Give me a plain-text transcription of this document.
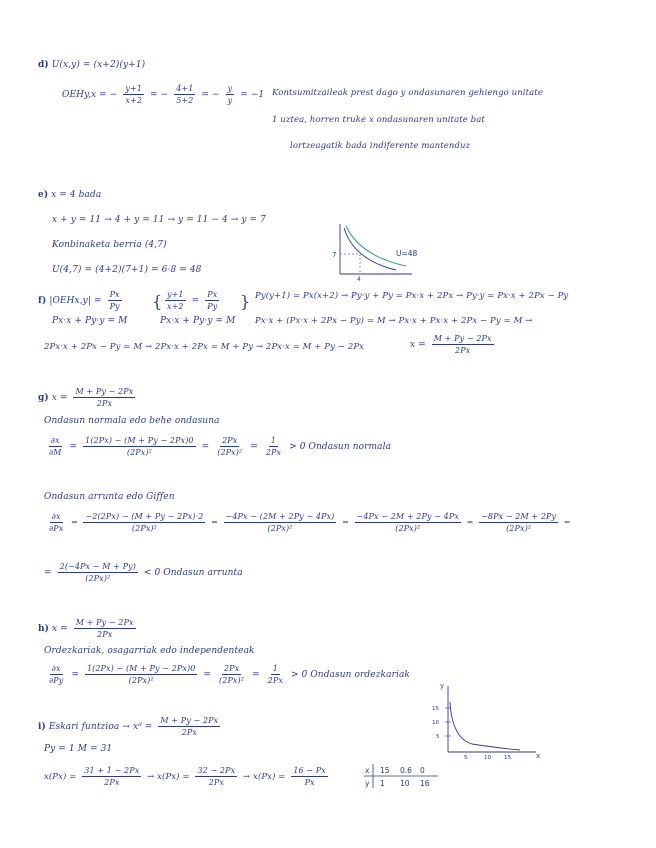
d) U(x,y) = (x+2)(y+1)
OEHy,x = − $\frac{y+1}{x+2}$ = − $\frac{4+1}{5+2}$ = − $\frac{y}{y} = -1$ Kontsumitzaileak prest dago y ondasunaren gehiengo unitate
1 uztea, horren truke x ondasunaren unitate bat
lortzeagatik bada indiferente mantenduz
e) x = 4 bada
x + y = 11 → 4 + y = 11 → y = 11 − 4 → y = 7
Konbinaketa berria (4,7)
U(4,7) = (4+2)(7+1) = 6·8 = 48
7
4
U=48
f) |OEHx,y| = $\frac{Px}{Py}$
Px·x + Py·y = M
{ $\frac{y+1}{x+2} = \frac{Px}{Py}$
Px·x + Py·y = M
} Py(y+1) = Px(x+2) → Py·y + Py = Px·x + 2Px → Py·y = Px·x + 2Px − Py
Px·x + (Px·x + 2Px − Py) = M → Px·x + Px·x + 2Px − Py = M →
2Px·x + 2Px − Py = M → 2Px·x + 2Px = M + Py → 2Px·x = M + Py − 2Px	$x = \frac{M + Py - 2Px}{2Px}$
g) $x = \frac{M + Py - 2Px}{2Px}$
Ondasun normala edo behe ondasuna
$\frac{\partial x}{\partial M} = \frac{1(2Px) - (M + Py - 2Px)0}{\text{(2Px)²}} = \frac{2Px}{\text{(2Px)²}} = \frac{1}{2Px} > 0$ Ondasun normala
Ondasun arrunta edo Giffen
$\frac{\partial x}{\partial Px} = \frac{-2(2Px) - (M + Py - 2Px)\cdot 2}{\text{(2Px)²}} = \frac{-4Px - (2M + 2Py - 4Px)}{\text{(2Px)²}} = \frac{-4Px - 2M + 2Py - 4Px}{\text{(2Px)²}} = \frac{-8Px - 2M + 2Py}{\text{(2Px)²}}$ =
= $\frac{2(-4Px - M + Py)}{\text{(2Px)²}} < 0$ Ondasun arrunta
h) $x = \frac{M + Py - 2Px}{2Px}$
Ordezkariak, osagarriak edo independenteak
$\frac{\partial x}{\partial Py} = \frac{1(2Px) - (M + Py - 2Px)0}{\text{(2Px)²}} = \frac{2Px}{\text{(2Px)²}} = \frac{1}{2Px} > 0$ Ondasun ordezkariak
i) Eskari funtzioa → xᵈ = $\frac{M + Py - 2Px}{2Px}$
Py = 1 M = 31
$x(Px) = \frac{31 + 1 - 2Px}{2Px} \to x(Px) = \frac{32 - 2Px}{2Px} \to x(Px) = \frac{16 - Px}{Px}$	x 15 0.6 0
y 1 10 16
y
x
15
10
5
5	10 15
